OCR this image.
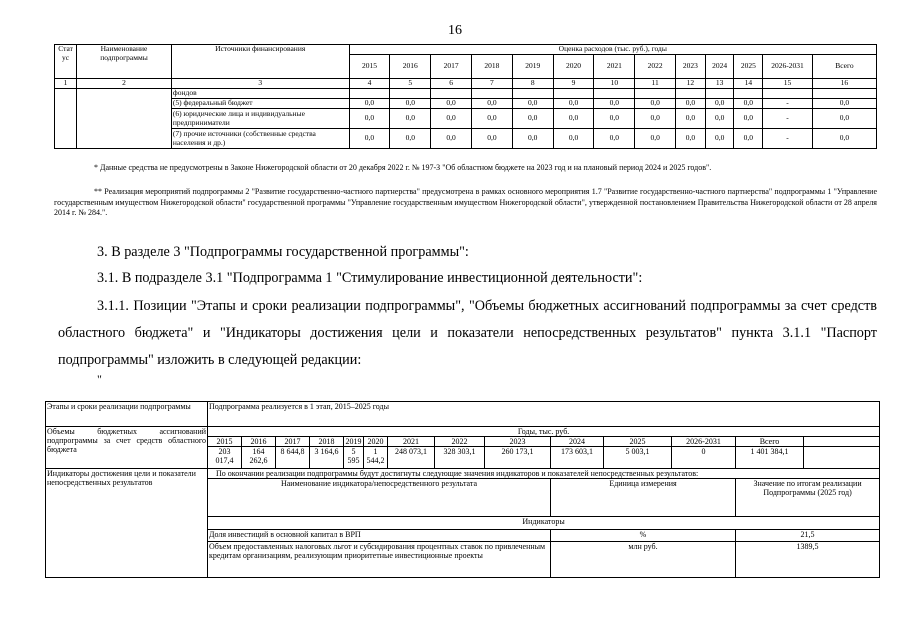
16
Стат ус	Наименование подпрограммы	Источники финансирования	Оценка расходов (тыс. руб.), годы												
			2015	2016	2017	2018	2019	2020	2021	2022	2023	2024	2025	2026-2031	Всего
1	2	3	4	5	6	7	8	9	10	11	12	13	14	15	16
		фондов													
		(5) федеральный бюджет	0,0	0,0	0,0	0,0	0,0	0,0	0,0	0,0	0,0	0,0	0,0	-	0,0
		(6) юридические лица и индивидуальные предприниматели	0,0	0,0	0,0	0,0	0,0	0,0	0,0	0,0	0,0	0,0	0,0	-	0,0
		(7) прочие источники (собственные средства населения и др.)	0,0	0,0	0,0	0,0	0,0	0,0	0,0	0,0	0,0	0,0	0,0	-	0,0
* Данные средства не предусмотрены в Законе Нижегородской области от 20 декабря 2022 г. № 197-З "Об областном бюджете на 2023 год и на плановый период 2024 и 2025 годов".
** Реализация мероприятий подпрограммы 2 "Развитие государственно-частного партнерства" предусмотрена в рамках основного мероприятия 1.7 "Развитие государственно-частного партнерства" подпрограммы 1 "Управление государственным имуществом Нижегородской области" государственной программы "Управление государственным имуществом Нижегородской области", утвержденной постановлением Правительства Нижегородской области от 28 апреля 2014 г. № 284.".
3. В разделе 3 "Подпрограммы государственной программы":
3.1. В подразделе 3.1 "Подпрограмма 1 "Стимулирование инвестиционной деятельности":
3.1.1. Позиции "Этапы и сроки реализации подпрограммы", "Объемы бюджетных ассигнований подпрограммы за счет средств областного бюджета" и "Индикаторы достижения цели и показатели непосредственных результатов" пункта 3.1.1 "Паспорт подпрограммы" изложить в следующей редакции:
"
Этапы и сроки реализации подпрограммы	Подпрограмма реализуется в 1 этап, 2015–2025 годы													
Объемы бюджетных ассигнований подпрограммы за счет средств областного бюджета	Годы, тыс. руб.													
	2015	2016	2017	2018	2019	2020	2021	2022	2023	2024	2025	2026-2031	Всего	
	203 017,4	164 262,6	8 644,8	3 164,6	5 595	1 544,2	248 073,1	328 303,1	260 173,1	173 603,1	5 003,1	0	1 401 384,1	
Индикаторы достижения цели и показатели непосредственных результатов	По окончании реализации подпрограммы будут достигнуты следующие значения индикаторов и показателей непосредственных результатов:													
	Наименование индикатора/непосредственного результата									Единица измерения			Значение по итогам реализации Подпрограммы (2025 год)	
	Индикаторы													
	Доля инвестиций в основной капитал в ВРП									%			21,5	
	Объем предоставленных налоговых льгот и субсидирования процентных ставок по привлеченным кредитам организациям, реализующим приоритетные инвестиционные проекты									млн руб.			1389,5	
